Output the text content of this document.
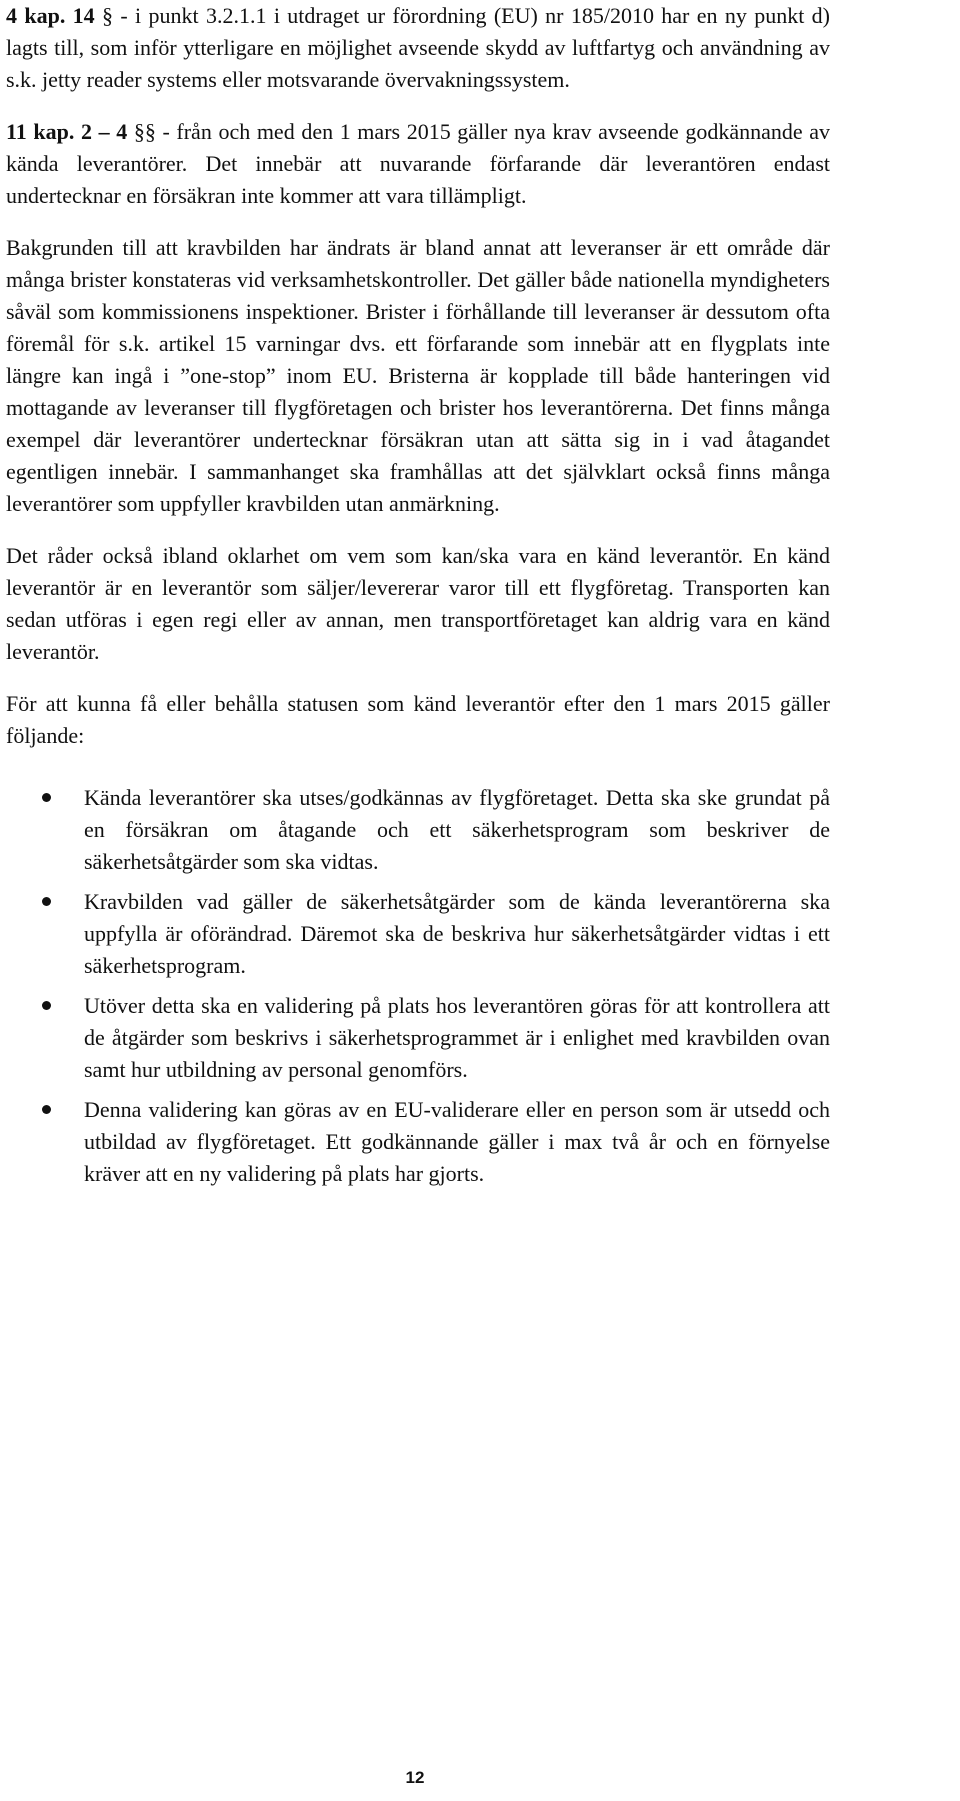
4 kap. 14 § - i punkt 3.2.1.1 i utdraget ur förordning (EU) nr 185/2010 har en ny punkt d) lagts till, som inför ytterligare en möjlighet avseende skydd av luftfartyg och användning av s.k. jetty reader systems eller motsvarande övervakningssystem.

11 kap. 2 – 4 §§ - från och med den 1 mars 2015 gäller nya krav avseende godkännande av kända leverantörer. Det innebär att nuvarande förfarande där leverantören endast undertecknar en försäkran inte kommer att vara tillämpligt.

Bakgrunden till att kravbilden har ändrats är bland annat att leveranser är ett område där många brister konstateras vid verksamhetskontroller. Det gäller både nationella myndigheters såväl som kommissionens inspektioner. Brister i förhållande till leveranser är dessutom ofta föremål för s.k. artikel 15 varningar dvs. ett förfarande som innebär att en flygplats inte längre kan ingå i ”one-stop” inom EU. Bristerna är kopplade till både hanteringen vid mottagande av leveranser till flygföretagen och brister hos leverantörerna. Det finns många exempel där leverantörer undertecknar försäkran utan att sätta sig in i vad åtagandet egentligen innebär. I sammanhanget ska framhållas att det självklart också finns många leverantörer som uppfyller kravbilden utan anmärkning.

Det råder också ibland oklarhet om vem som kan/ska vara en känd leverantör. En känd leverantör är en leverantör som säljer/levererar varor till ett flygföretag. Transporten kan sedan utföras i egen regi eller av annan, men transportföretaget kan aldrig vara en känd leverantör.

För att kunna få eller behålla statusen som känd leverantör efter den 1 mars 2015 gäller följande:

Kända leverantörer ska utses/godkännas av flygföretaget. Detta ska ske grundat på en försäkran om åtagande och ett säkerhetsprogram som beskriver de säkerhetsåtgärder som ska vidtas.
Kravbilden vad gäller de säkerhetsåtgärder som de kända leverantörerna ska uppfylla är oförändrad. Däremot ska de beskriva hur säkerhetsåtgärder vidtas i ett säkerhetsprogram.
Utöver detta ska en validering på plats hos leverantören göras för att kontrollera att de åtgärder som beskrivs i säkerhetsprogrammet är i enlighet med kravbilden ovan samt hur utbildning av personal genomförs.
Denna validering kan göras av en EU-validerare eller en person som är utsedd och utbildad av flygföretaget. Ett godkännande gäller i max två år och en förnyelse kräver att en ny validering på plats har gjorts.
12
